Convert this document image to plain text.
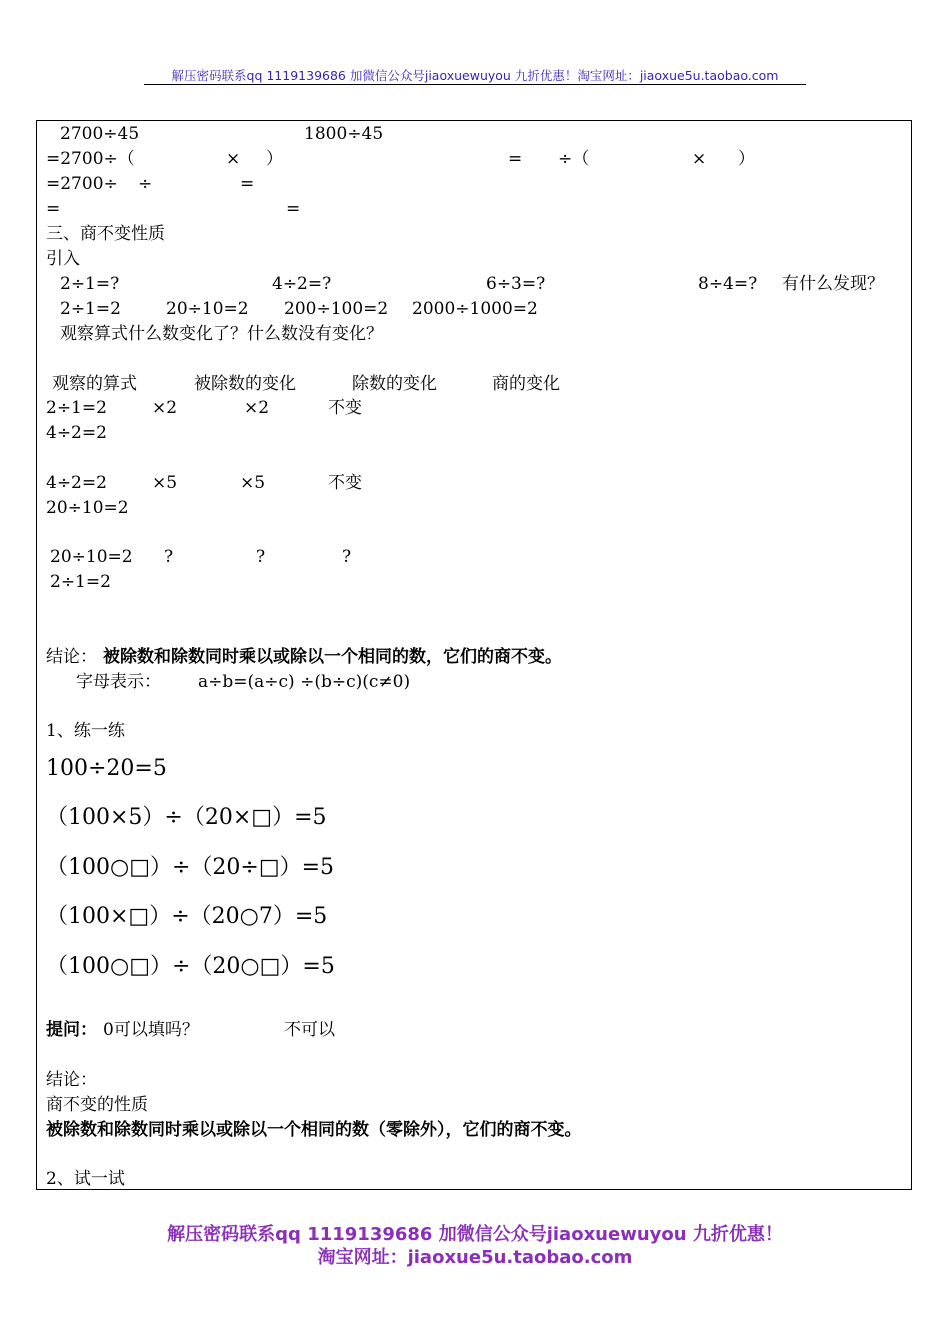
解压密码联系qq 1119139686 加微信公众号jiaoxuewuyou 九折优惠！淘宝网址：jiaoxue5u.taobao.com
2700÷45	1800÷45
=2700÷（	× ）	= ÷（	× ）
=2700÷ ÷	=
=	=
三、商不变性质
引入
2÷1=?	4÷2=?	6÷3=?	8÷4=? 有什么发现？
2÷1=2	20÷10=2 200÷100=2 2000÷1000=2
观察算式什么数变化了？什么数没有变化？
观察的算式	被除数的变化	除数的变化	商的变化
2÷1=2	×2	×2	不变
4÷2=2
4÷2=2	×5	×5	不变
20÷10=2
20÷10=2 ?	?	?
2÷1=2
结论： 被除数和除数同时乘以或除以一个相同的数，它们的商不变。
字母表示： a÷b=(a÷c) ÷(b÷c)(c≠0)
1、练一练
100÷20=5
（100×5）÷（20×□）=5
（100○□）÷（20÷□）=5
（100×□）÷（20○7）=5
（100○□）÷（20○□）=5
提问： 0可以填吗？	不可以
结论：
商不变的性质
被除数和除数同时乘以或除以一个相同的数（零除外），它们的商不变。
2、试一试
解压密码联系qq 1119139686 加微信公众号jiaoxuewuyou 九折优惠！
淘宝网址：jiaoxue5u.taobao.com
